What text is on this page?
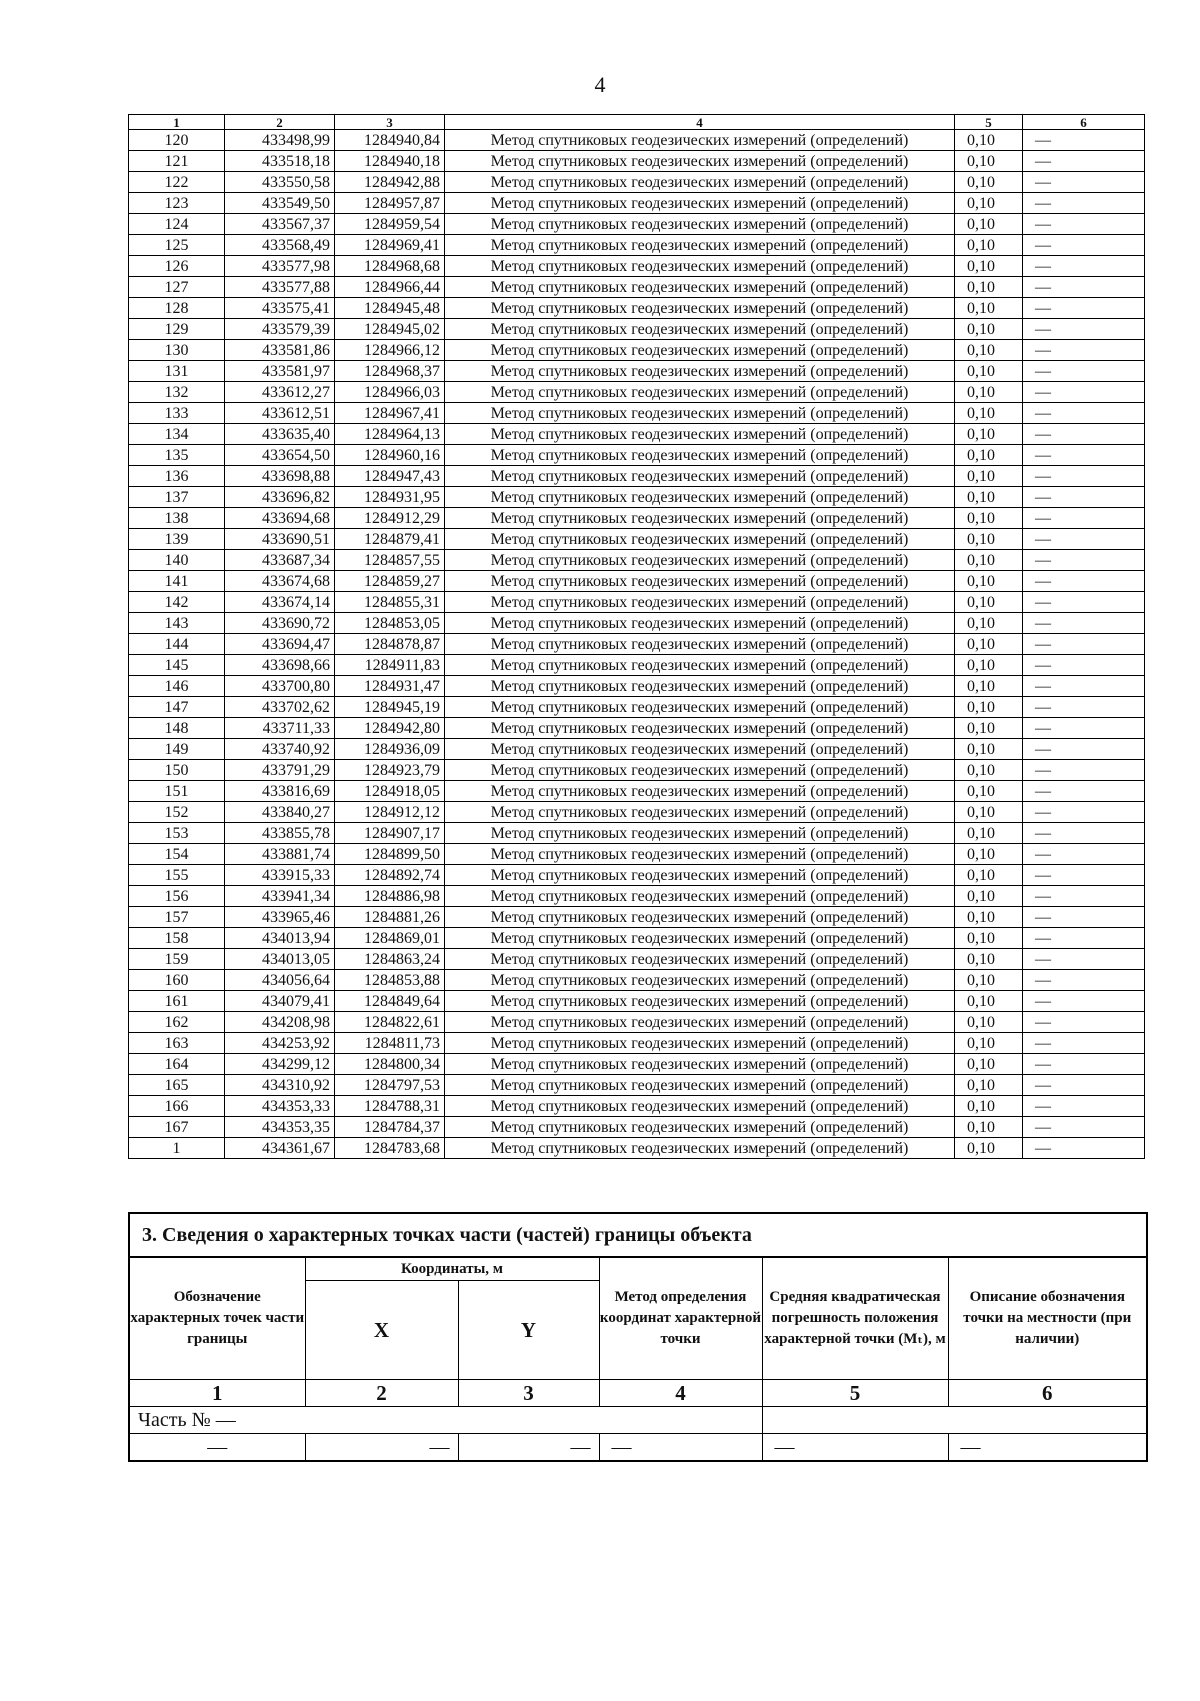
4
1	2	3	4	5	6
120	433498,99	1284940,84	Метод спутниковых геодезических измерений (определений)	0,10	—
121	433518,18	1284940,18	Метод спутниковых геодезических измерений (определений)	0,10	—
122	433550,58	1284942,88	Метод спутниковых геодезических измерений (определений)	0,10	—
123	433549,50	1284957,87	Метод спутниковых геодезических измерений (определений)	0,10	—
124	433567,37	1284959,54	Метод спутниковых геодезических измерений (определений)	0,10	—
125	433568,49	1284969,41	Метод спутниковых геодезических измерений (определений)	0,10	—
126	433577,98	1284968,68	Метод спутниковых геодезических измерений (определений)	0,10	—
127	433577,88	1284966,44	Метод спутниковых геодезических измерений (определений)	0,10	—
128	433575,41	1284945,48	Метод спутниковых геодезических измерений (определений)	0,10	—
129	433579,39	1284945,02	Метод спутниковых геодезических измерений (определений)	0,10	—
130	433581,86	1284966,12	Метод спутниковых геодезических измерений (определений)	0,10	—
131	433581,97	1284968,37	Метод спутниковых геодезических измерений (определений)	0,10	—
132	433612,27	1284966,03	Метод спутниковых геодезических измерений (определений)	0,10	—
133	433612,51	1284967,41	Метод спутниковых геодезических измерений (определений)	0,10	—
134	433635,40	1284964,13	Метод спутниковых геодезических измерений (определений)	0,10	—
135	433654,50	1284960,16	Метод спутниковых геодезических измерений (определений)	0,10	—
136	433698,88	1284947,43	Метод спутниковых геодезических измерений (определений)	0,10	—
137	433696,82	1284931,95	Метод спутниковых геодезических измерений (определений)	0,10	—
138	433694,68	1284912,29	Метод спутниковых геодезических измерений (определений)	0,10	—
139	433690,51	1284879,41	Метод спутниковых геодезических измерений (определений)	0,10	—
140	433687,34	1284857,55	Метод спутниковых геодезических измерений (определений)	0,10	—
141	433674,68	1284859,27	Метод спутниковых геодезических измерений (определений)	0,10	—
142	433674,14	1284855,31	Метод спутниковых геодезических измерений (определений)	0,10	—
143	433690,72	1284853,05	Метод спутниковых геодезических измерений (определений)	0,10	—
144	433694,47	1284878,87	Метод спутниковых геодезических измерений (определений)	0,10	—
145	433698,66	1284911,83	Метод спутниковых геодезических измерений (определений)	0,10	—
146	433700,80	1284931,47	Метод спутниковых геодезических измерений (определений)	0,10	—
147	433702,62	1284945,19	Метод спутниковых геодезических измерений (определений)	0,10	—
148	433711,33	1284942,80	Метод спутниковых геодезических измерений (определений)	0,10	—
149	433740,92	1284936,09	Метод спутниковых геодезических измерений (определений)	0,10	—
150	433791,29	1284923,79	Метод спутниковых геодезических измерений (определений)	0,10	—
151	433816,69	1284918,05	Метод спутниковых геодезических измерений (определений)	0,10	—
152	433840,27	1284912,12	Метод спутниковых геодезических измерений (определений)	0,10	—
153	433855,78	1284907,17	Метод спутниковых геодезических измерений (определений)	0,10	—
154	433881,74	1284899,50	Метод спутниковых геодезических измерений (определений)	0,10	—
155	433915,33	1284892,74	Метод спутниковых геодезических измерений (определений)	0,10	—
156	433941,34	1284886,98	Метод спутниковых геодезических измерений (определений)	0,10	—
157	433965,46	1284881,26	Метод спутниковых геодезических измерений (определений)	0,10	—
158	434013,94	1284869,01	Метод спутниковых геодезических измерений (определений)	0,10	—
159	434013,05	1284863,24	Метод спутниковых геодезических измерений (определений)	0,10	—
160	434056,64	1284853,88	Метод спутниковых геодезических измерений (определений)	0,10	—
161	434079,41	1284849,64	Метод спутниковых геодезических измерений (определений)	0,10	—
162	434208,98	1284822,61	Метод спутниковых геодезических измерений (определений)	0,10	—
163	434253,92	1284811,73	Метод спутниковых геодезических измерений (определений)	0,10	—
164	434299,12	1284800,34	Метод спутниковых геодезических измерений (определений)	0,10	—
165	434310,92	1284797,53	Метод спутниковых геодезических измерений (определений)	0,10	—
166	434353,33	1284788,31	Метод спутниковых геодезических измерений (определений)	0,10	—
167	434353,35	1284784,37	Метод спутниковых геодезических измерений (определений)	0,10	—
1	434361,67	1284783,68	Метод спутниковых геодезических измерений (определений)	0,10	—
3. Сведения о характерных точках части (частей) границы объекта					
Обозначение характерных точек части границы	Координаты, м		Метод определения координат характерной точки	Средняя квадратическая погрешность положения характерной точки (Mₜ), м	Описание обозначения точки на местности (при наличии)
	X	Y			
1	2	3	4	5	6
Часть № —					
—	—	—	—	—	—
